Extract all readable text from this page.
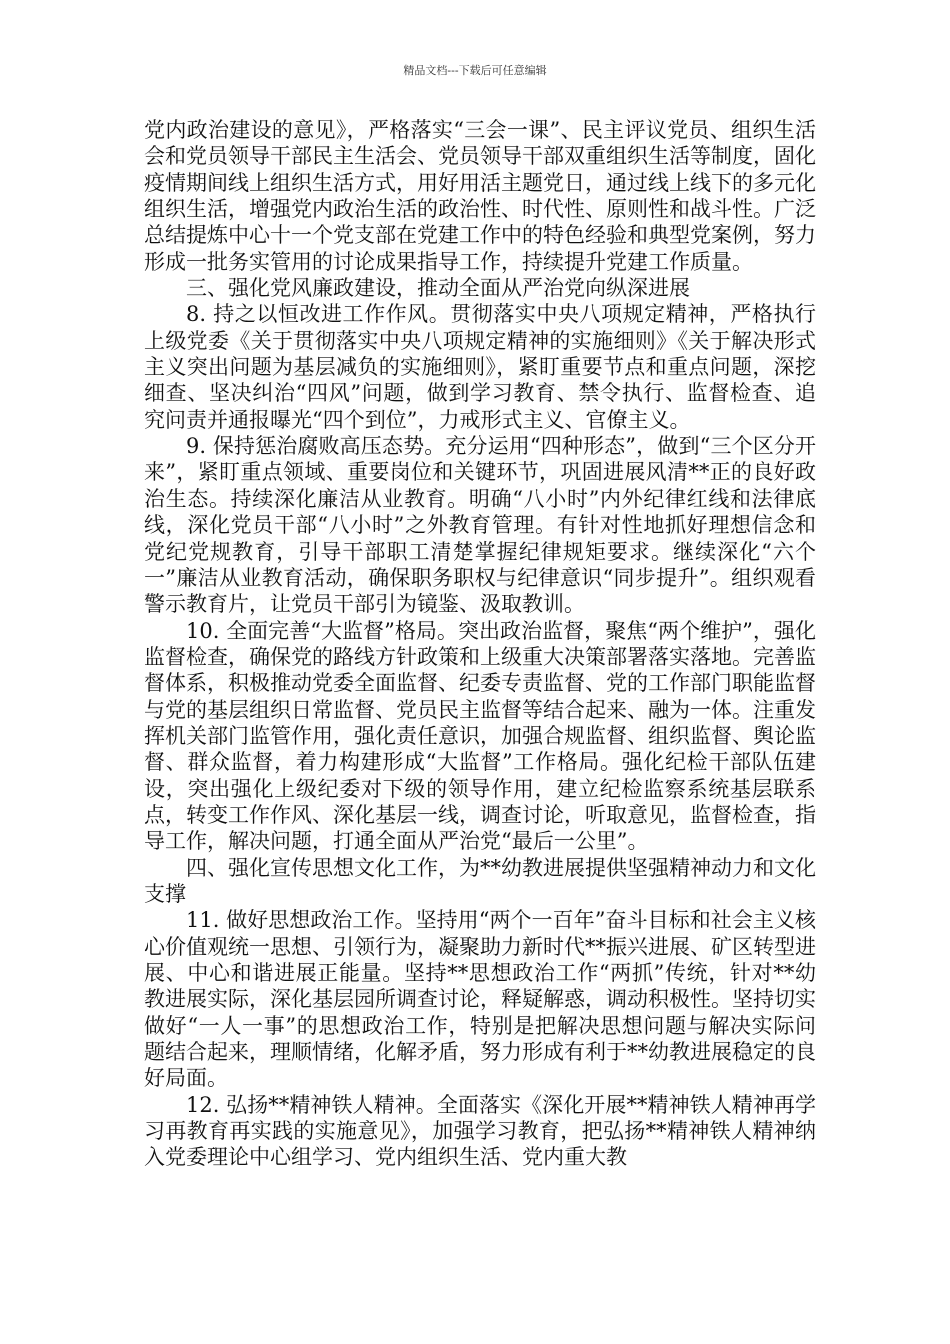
精品文档---下载后可任意编辑

党内政治建设的意见》，严格落实“三会一课”、民主评议党员、组织生活会和党员领导干部民主生活会、党员领导干部双重组织生活等制度，固化疫情期间线上组织生活方式，用好用活主题党日，通过线上线下的多元化组织生活，增强党内政治生活的政治性、时代性、原则性和战斗性。广泛总结提炼中心十一个党支部在党建工作中的特色经验和典型党案例，努力形成一批务实管用的讨论成果指导工作，持续提升党建工作质量。

三、强化党风廉政建设，推动全面从严治党向纵深进展

8. 持之以恒改进工作作风。贯彻落实中央八项规定精神，严格执行上级党委《关于贯彻落实中央八项规定精神的实施细则》《关于解决形式主义突出问题为基层减负的实施细则》，紧盯重要节点和重点问题，深挖细查、坚决纠治“四风”问题，做到学习教育、禁令执行、监督检查、追究问责并通报曝光“四个到位”，力戒形式主义、官僚主义。

9. 保持惩治腐败高压态势。充分运用“四种形态”，做到“三个区分开来”，紧盯重点领域、重要岗位和关键环节，巩固进展风清**正的良好政治生态。持续深化廉洁从业教育。明确“八小时”内外纪律红线和法律底线，深化党员干部“八小时”之外教育管理。有针对性地抓好理想信念和党纪党规教育，引导干部职工清楚掌握纪律规矩要求。继续深化“六个一”廉洁从业教育活动，确保职务职权与纪律意识“同步提升”。组织观看警示教育片，让党员干部引为镜鉴、汲取教训。

10. 全面完善“大监督”格局。突出政治监督，聚焦“两个维护”，强化监督检查，确保党的路线方针政策和上级重大决策部署落实落地。完善监督体系，积极推动党委全面监督、纪委专责监督、党的工作部门职能监督与党的基层组织日常监督、党员民主监督等结合起来、融为一体。注重发挥机关部门监管作用，强化责任意识，加强合规监督、组织监督、舆论监督、群众监督，着力构建形成“大监督”工作格局。强化纪检干部队伍建设，突出强化上级纪委对下级的领导作用，建立纪检监察系统基层联系点，转变工作作风、深化基层一线，调查讨论，听取意见，监督检查，指导工作，解决问题，打通全面从严治党“最后一公里”。

四、强化宣传思想文化工作，为**幼教进展提供坚强精神动力和文化支撑

11. 做好思想政治工作。坚持用“两个一百年”奋斗目标和社会主义核心价值观统一思想、引领行为，凝聚助力新时代**振兴进展、矿区转型进展、中心和谐进展正能量。坚持**思想政治工作“两抓”传统，针对**幼教进展实际，深化基层园所调查讨论，释疑解惑，调动积极性。坚持切实做好“一人一事”的思想政治工作，特别是把解决思想问题与解决实际问题结合起来，理顺情绪，化解矛盾，努力形成有利于**幼教进展稳定的良好局面。

12. 弘扬**精神铁人精神。全面落实《深化开展**精神铁人精神再学习再教育再实践的实施意见》，加强学习教育，把弘扬**精神铁人精神纳入党委理论中心组学习、党内组织生活、党内重大教
